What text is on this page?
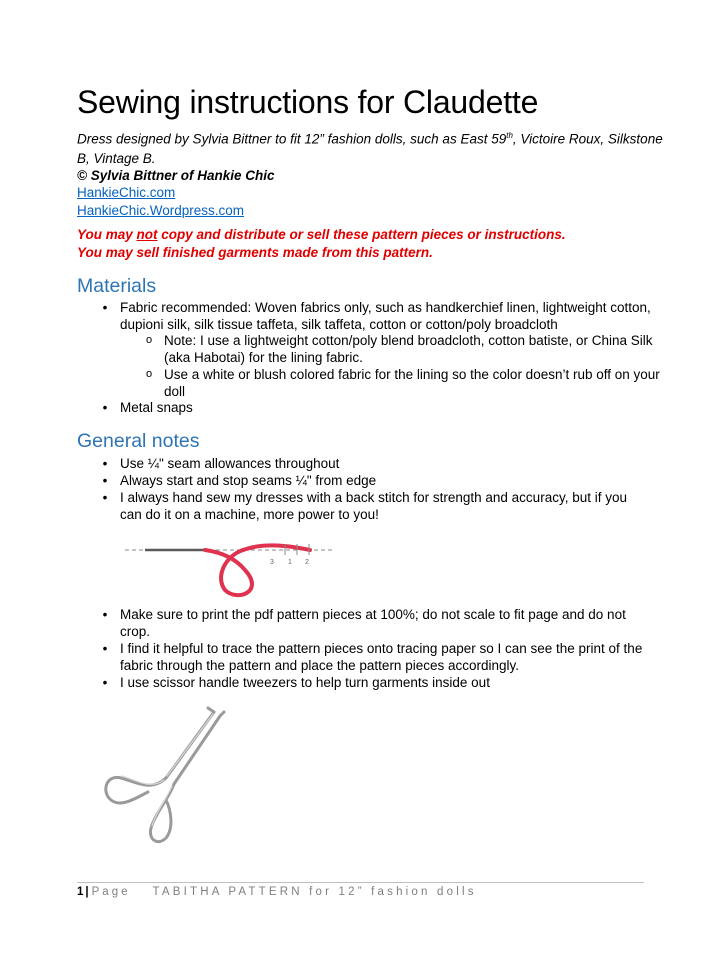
Sewing instructions for Claudette

Dress designed by Sylvia Bittner to fit 12” fashion dolls, such as East 59th, Victoire Roux, Silkstone B, Vintage B.

© Sylvia Bittner of Hankie Chic

HankieChic.com
HankieChic.Wordpress.com

You may not copy and distribute or sell these pattern pieces or instructions.
You may sell finished garments made from this pattern.

Materials
• Fabric recommended: Woven fabrics only, such as handkerchief linen, lightweight cotton, dupioni silk, silk tissue taffeta, silk taffeta, cotton or cotton/poly broadcloth
o Note: I use a lightweight cotton/poly blend broadcloth, cotton batiste, or China Silk (aka Habotai) for the lining fabric.
o Use a white or blush colored fabric for the lining so the color doesn’t rub off on your doll
• Metal snaps
General notes
• Use ¼" seam allowances throughout
• Always start and stop seams ¼" from edge
• I always hand sew my dresses with a back stitch for strength and accuracy, but if you can do it on a machine, more power to you!
3 1 2
• Make sure to print the pdf pattern pieces at 100%; do not scale to fit page and do not crop.
• I find it helpful to trace the pattern pieces onto tracing paper so I can see the print of the fabric through the pattern and place the pattern pieces accordingly.
• I use scissor handle tweezers to help turn garments inside out
1 | Page TABITHA PATTERN for 12” fashion dolls
